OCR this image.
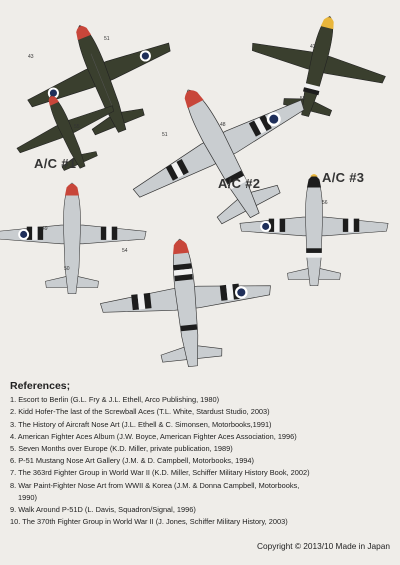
51
43
55	48
51
43
55
49
50
54
56
A/C #1
A/C #2	A/C #3
References;
1. Escort to Berlin (G.L. Fry & J.L. Ethell, Arco Publishing, 1980)
2. Kidd Hofer-The last of the Screwball Aces (T.L. White, Stardust Studio, 2003)
3. The History of Aircraft Nose Art (J.L. Ethell & C. Simonsen, Motorbooks,1991)
4. American Fighter Aces Album (J.W. Boyce, American Fighter Aces Association, 1996)
5. Seven Months over Europe (K.D. Miller, private publication, 1989)
6. P-51 Mustang Nose Art Gallery (J.M. & D. Campbell, Motorbooks, 1994)
7. The 363rd Fighter Group in World War II (K.D. Miller, Schiffer Military History Book, 2002)
8. War Paint-Fighter Nose Art from WWII & Korea (J.M. & Donna Campbell, Motorbooks,
1990)
9. Walk Around P-51D (L. Davis, Squadron/Signal, 1996)
10. The 370th Fighter Group in World War II (J. Jones, Schiffer Military History, 2003)
Copyright © 2013/10 Made in Japan
